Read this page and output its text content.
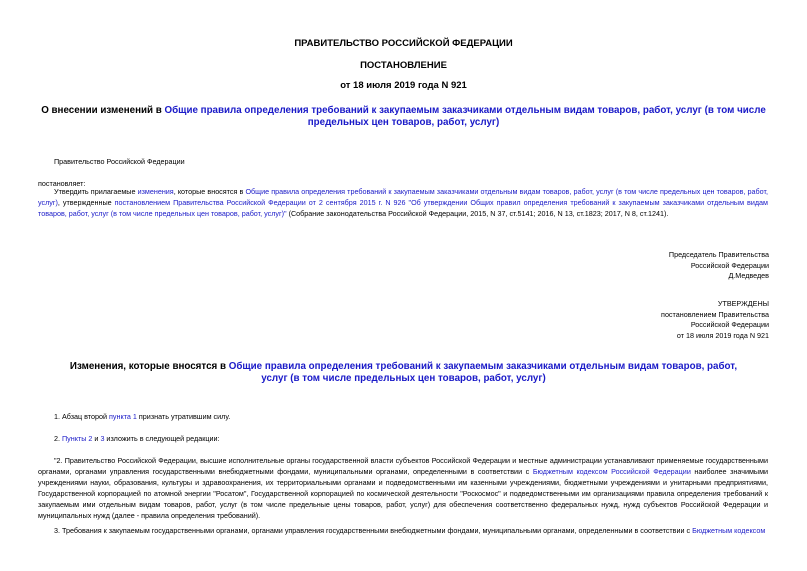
ПРАВИТЕЛЬСТВО РОССИЙСКОЙ ФЕДЕРАЦИИ
ПОСТАНОВЛЕНИЕ
от 18 июля 2019 года N 921
О внесении изменений в Общие правила определения требований к закупаемым заказчиками отдельным видам товаров, работ, услуг (в том числе предельных цен товаров, работ, услуг)
Правительство Российской Федерации
постановляет:
Утвердить прилагаемые изменения, которые вносятся в Общие правила определения требований к закупаемым заказчиками отдельным видам товаров, работ, услуг (в том числе предельных цен товаров, работ, услуг), утвержденные постановлением Правительства Российской Федерации от 2 сентября 2015 г. N 926 "Об утверждении Общих правил определения требований к закупаемым заказчиками отдельным видам товаров, работ, услуг (в том числе предельных цен товаров, работ, услуг)" (Собрание законодательства Российской Федерации, 2015, N 37, ст.5141; 2016, N 13, ст.1823; 2017, N 8, ст.1241).
Председатель Правительства
Российской Федерации
Д.Медведев
УТВЕРЖДЕНЫ
постановлением Правительства
Российской Федерации
от 18 июля 2019 года N 921
Изменения, которые вносятся в Общие правила определения требований к закупаемым заказчиками отдельным видам товаров, работ, услуг (в том числе предельных цен товаров, работ, услуг)
1. Абзац второй пункта 1 признать утратившим силу.
2. Пункты 2 и 3 изложить в следующей редакции:
"2. Правительство Российской Федерации, высшие исполнительные органы государственной власти субъектов Российской Федерации и местные администрации устанавливают применяемые государственными органами, органами управления государственными внебюджетными фондами, муниципальными органами, определенными в соответствии с Бюджетным кодексом Российской Федерации наиболее значимыми учреждениями науки, образования, культуры и здравоохранения, их территориальными органами и подведомственными им казенными учреждениями, бюджетными учреждениями и унитарными предприятиями, Государственной корпорацией по атомной энергии "Росатом", Государственной корпорацией по космической деятельности "Роскосмос" и подведомственными им организациями правила определения требований к закупаемым ими отдельным видам товаров, работ, услуг (в том числе предельные цены товаров, работ, услуг) для обеспечения соответственно федеральных нужд, нужд субъектов Российской Федерации и муниципальных нужд (далее - правила определения требований).
3. Требования к закупаемым государственными органами, органами управления государственными внебюджетными фондами, муниципальными органами, определенными в соответствии с Бюджетным кодексом
